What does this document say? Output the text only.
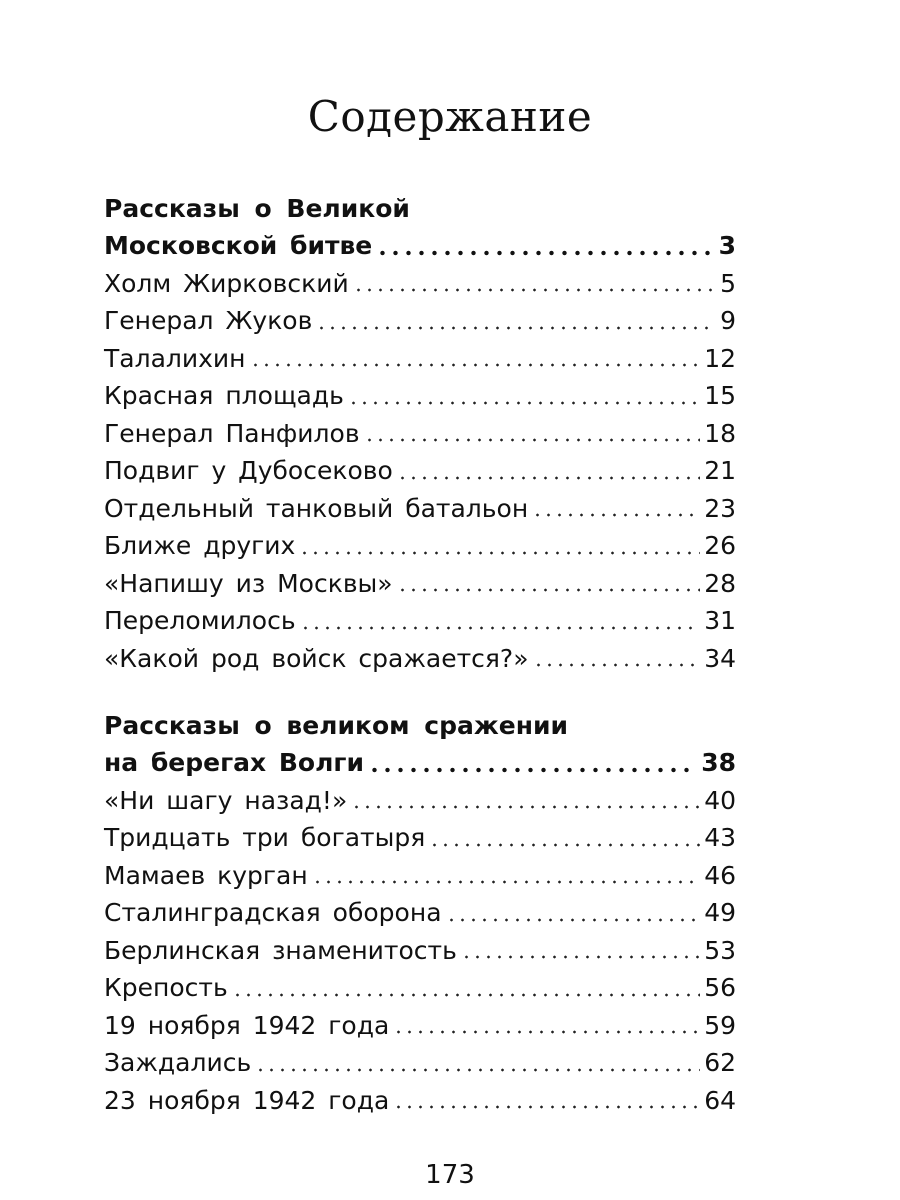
Содержание
Рассказы о Великой
Московской битве	3
Холм Жирковский	5
Генерал Жуков	9
Талалихин	12
Красная площадь	15
Генерал Панфилов	18
Подвиг у Дубосеково	21
Отдельный танковый батальон	23
Ближе других	26
«Напишу из Москвы»	28
Переломилось	31
«Какой род войск сражается?»	34
Рассказы о великом сражении
на берегах Волги	38
«Ни шагу назад!»	40
Тридцать три богатыря	43
Мамаев курган	46
Сталинградская оборона	49
Берлинская знаменитость	53
Крепость	56
19 ноября 1942 года	59
Заждались	62
23 ноября 1942 года	64
173
